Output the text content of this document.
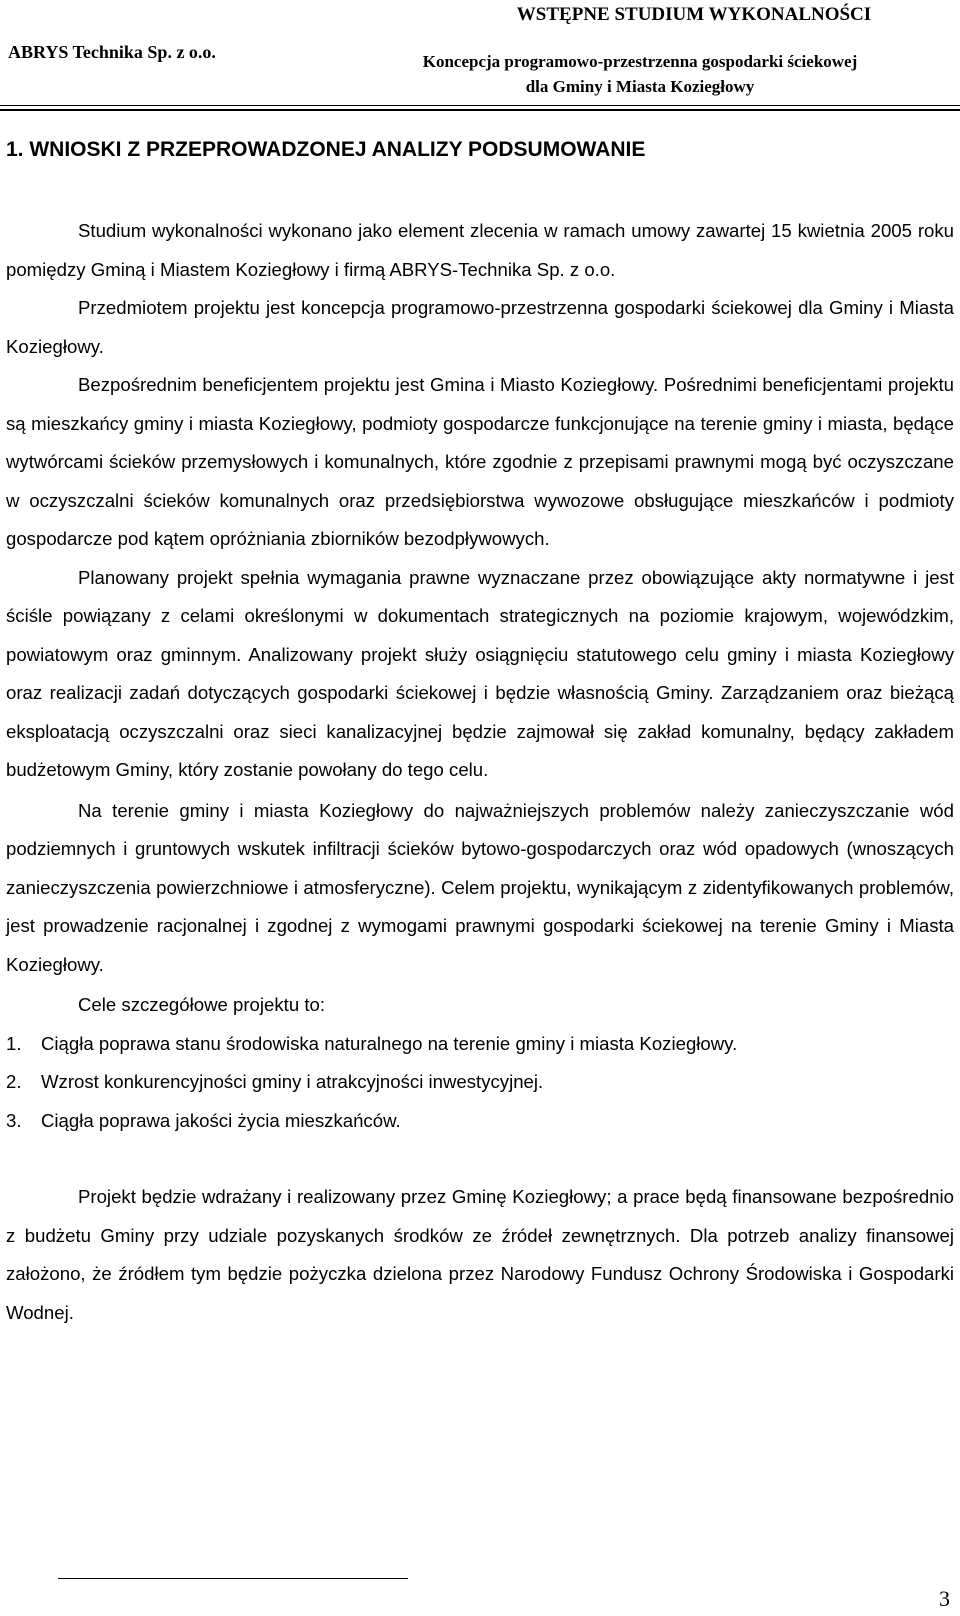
ABRYS Technika Sp. z o.o.
WSTĘPNE STUDIUM WYKONALNOŚCI
Koncepcja programowo-przestrzenna gospodarki ściekowej
dla Gminy i Miasta Koziegłowy
1. WNIOSKI Z PRZEPROWADZONEJ ANALIZY PODSUMOWANIE

Studium wykonalności wykonano jako element zlecenia w ramach umowy zawartej 15 kwietnia 2005 roku pomiędzy Gminą i Miastem Koziegłowy i firmą ABRYS-Technika Sp. z o.o.

Przedmiotem projektu jest koncepcja programowo-przestrzenna gospodarki ściekowej dla Gminy i Miasta Koziegłowy.

Bezpośrednim beneficjentem projektu jest Gmina i Miasto Koziegłowy. Pośrednimi beneficjentami projektu są mieszkańcy gminy i miasta Koziegłowy, podmioty gospodarcze funkcjonujące na terenie gminy i miasta, będące wytwórcami ścieków przemysłowych i komunalnych, które zgodnie z przepisami prawnymi mogą być oczyszczane w oczyszczalni ścieków komunalnych oraz przedsiębiorstwa wywozowe obsługujące mieszkańców i podmioty gospodarcze pod kątem opróżniania zbiorników bezodpływowych.

Planowany projekt spełnia wymagania prawne wyznaczane przez obowiązujące akty normatywne i jest ściśle powiązany z celami określonymi w dokumentach strategicznych na poziomie krajowym, wojewódzkim, powiatowym oraz gminnym. Analizowany projekt służy osiągnięciu statutowego celu gminy i miasta Koziegłowy oraz realizacji zadań dotyczących gospodarki ściekowej i będzie własnością Gminy. Zarządzaniem oraz bieżącą eksploatacją oczyszczalni oraz sieci kanalizacyjnej będzie zajmował się zakład komunalny, będący zakładem budżetowym Gminy, który zostanie powołany do tego celu.

Na terenie gminy i miasta Koziegłowy do najważniejszych problemów należy zanieczyszczanie wód podziemnych i gruntowych wskutek infiltracji ścieków bytowo-gospodarczych oraz wód opadowych (wnoszących zanieczyszczenia powierzchniowe i atmosferyczne). Celem projektu, wynikającym z zidentyfikowanych problemów, jest prowadzenie racjonalnej i zgodnej z wymogami prawnymi gospodarki ściekowej na terenie Gminy i Miasta Koziegłowy.

Cele szczegółowe projektu to:

1. Ciągła poprawa stanu środowiska naturalnego na terenie gminy i miasta Koziegłowy.
2. Wzrost konkurencyjności gminy i atrakcyjności inwestycyjnej.
3. Ciągła poprawa jakości życia mieszkańców.

Projekt będzie wdrażany i realizowany przez Gminę Koziegłowy; a prace będą finansowane bezpośrednio z budżetu Gminy przy udziale pozyskanych środków ze źródeł zewnętrznych. Dla potrzeb analizy finansowej założono, że źródłem tym będzie pożyczka dzielona przez Narodowy Fundusz Ochrony Środowiska i Gospodarki Wodnej.

3
